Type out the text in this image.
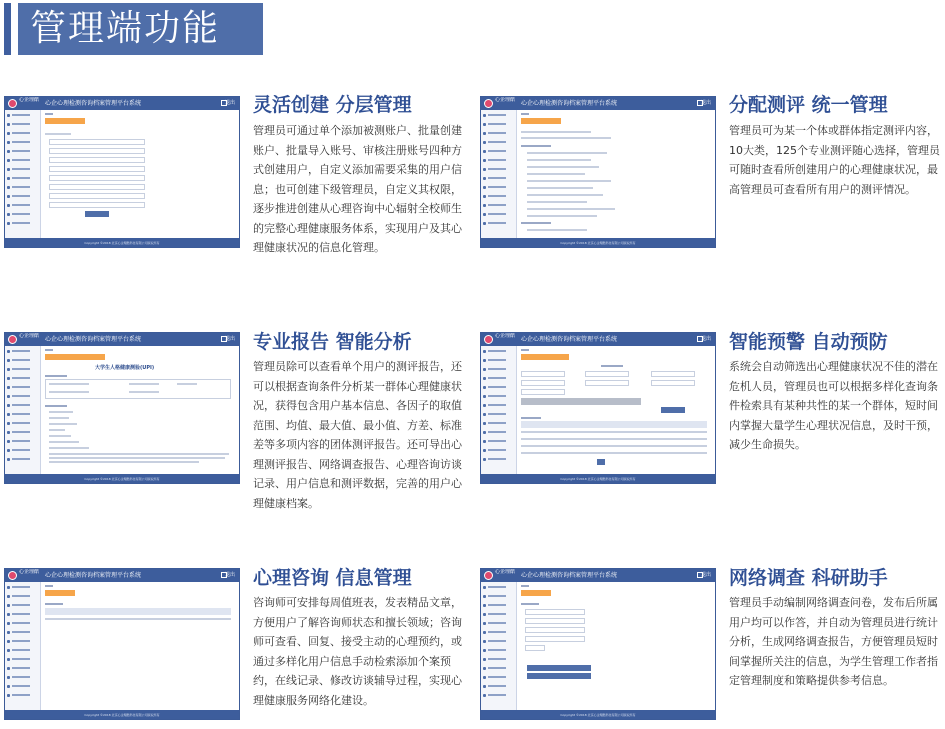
管理端功能
心企理酷 心企心理检测咨询档案管理平台系统	退出
Copyright ©2018 北京心企理酷科技有限公司版权所有
灵活创建 分层管理
管理员可通过单个添加被测账户、批量创建账户、批量导入账号、审核注册账号四种方式创建用户，自定义添加需要采集的用户信息；也可创建下级管理员，自定义其权限，逐步推进创建从心理咨询中心辐射全校师生的完整心理健康服务体系，实现用户及其心理健康状况的信息化管理。
心企理酷 心企心理检测咨询档案管理平台系统	退出
Copyright ©2018 北京心企理酷科技有限公司版权所有
分配测评 统一管理
管理员可为某一个体或群体指定测评内容，10大类，125个专业测评随心选择，管理员可随时查看所创建用户的心理健康状况，最高管理员可查看所有用户的测评情况。
心企理酷 心企心理检测咨询档案管理平台系统	退出
大学生人格健康测验(UPI)
Copyright ©2018 北京心企理酷科技有限公司版权所有
专业报告 智能分析
管理员除可以查看单个用户的测评报告，还可以根据查询条件分析某一群体心理健康状况，获得包含用户基本信息、各因子的取值范围、均值、最大值、最小值、方差、标准差等多项内容的团体测评报告。还可导出心理测评报告、网络调查报告、心理咨询访谈记录、用户信息和测评数据，完善的用户心理健康档案。
心企理酷 心企心理检测咨询档案管理平台系统	退出
Copyright ©2018 北京心企理酷科技有限公司版权所有
智能预警 自动预防
系统会自动筛选出心理健康状况不佳的潜在危机人员，管理员也可以根据多样化查询条件检索具有某种共性的某一个群体，短时间内掌握大量学生心理状况信息，及时干预，减少生命损失。
心企理酷 心企心理检测咨询档案管理平台系统	退出
Copyright ©2018 北京心企理酷科技有限公司版权所有
心理咨询 信息管理
咨询师可安排每周值班表，发表精品文章，方便用户了解咨询师状态和擅长领域；咨询师可查看、回复、接受主动的心理预约，或通过多样化用户信息手动检索添加个案预约，在线记录、修改访谈辅导过程，实现心理健康服务网络化建设。
心企理酷 心企心理检测咨询档案管理平台系统	退出
Copyright ©2018 北京心企理酷科技有限公司版权所有
网络调查 科研助手
管理员手动编制网络调查问卷，发布后所属用户均可以作答，并自动为管理员进行统计分析，生成网络调查报告，方便管理员短时间掌握所关注的信息，为学生管理工作者指定管理制度和策略提供参考信息。
